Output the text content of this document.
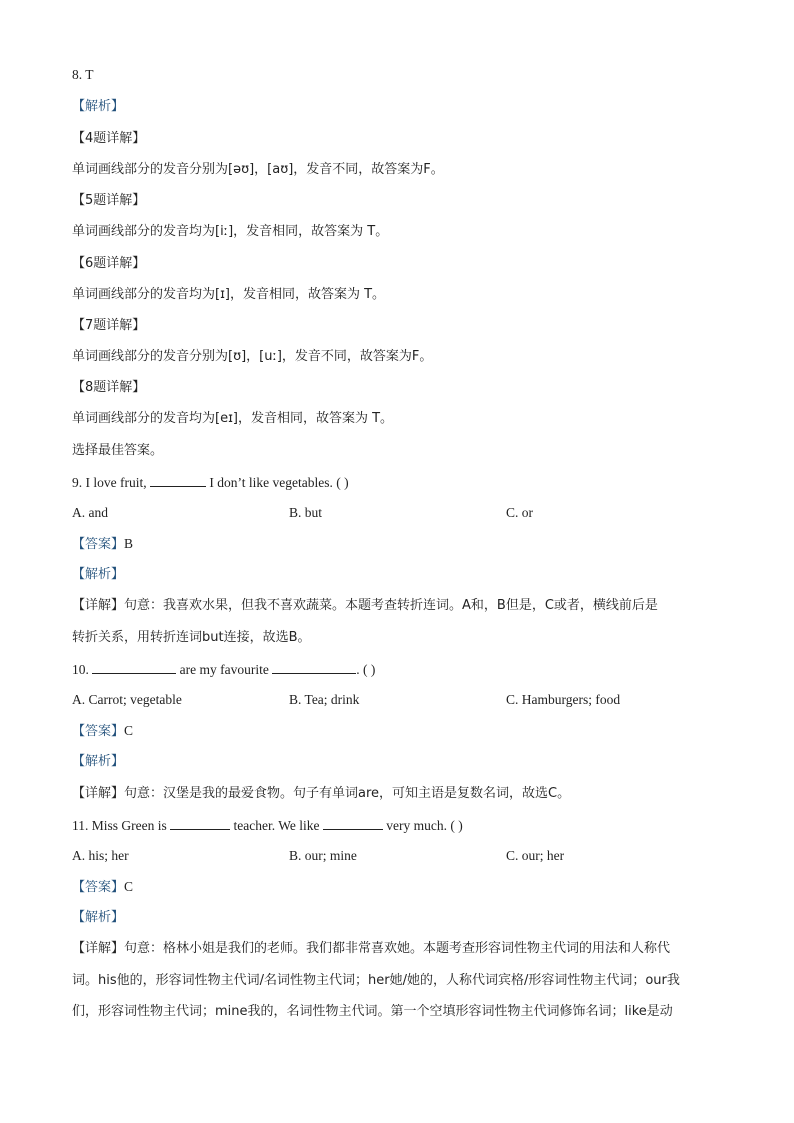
8. T
【解析】
【4题详解】
单词画线部分的发音分别为[əʊ]，[aʊ]，发音不同，故答案为F。
【5题详解】
单词画线部分的发音均为[iː]，发音相同，故答案为 T。
【6题详解】
单词画线部分的发音均为[ɪ]，发音相同，故答案为 T。
【7题详解】
单词画线部分的发音分别为[ʊ]，[uː]，发音不同，故答案为F。
【8题详解】
单词画线部分的发音均为[eɪ]，发音相同，故答案为 T。
选择最佳答案。
9. I love fruit,	I don’t like vegetables. ( )
A. and	B. but	C. or
【答案】B
【解析】
【详解】句意：我喜欢水果，但我不喜欢蔬菜。本题考查转折连词。A和，B但是，C或者，横线前后是
转折关系，用转折连词but连接，故选B。
10.	are my favourite	. ( )
A. Carrot; vegetable	B. Tea; drink	C. Hamburgers; food
【答案】C
【解析】
【详解】句意：汉堡是我的最爱食物。句子有单词are，可知主语是复数名词，故选C。
11. Miss Green is	teacher. We like	very much. ( )
A. his; her	B. our; mine	C. our; her
【答案】C
【解析】
【详解】句意：格林小姐是我们的老师。我们都非常喜欢她。本题考查形容词性物主代词的用法和人称代
词。his他的，形容词性物主代词/名词性物主代词；her她/她的，人称代词宾格/形容词性物主代词；our我
们，形容词性物主代词；mine我的，名词性物主代词。第一个空填形容词性物主代词修饰名词；like是动
